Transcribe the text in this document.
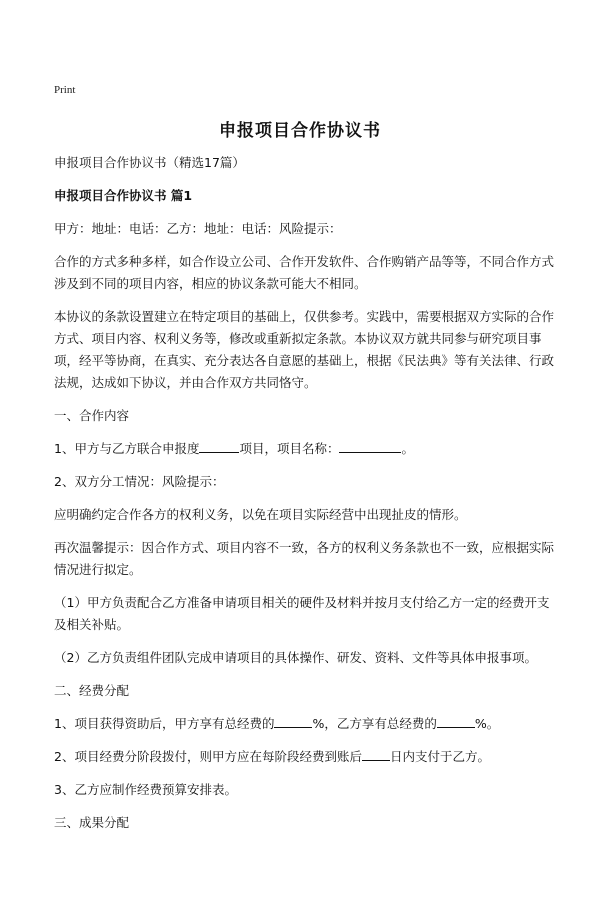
Print
申报项目合作协议书

申报项目合作协议书（精选17篇）

申报项目合作协议书 篇1

甲方：地址：电话：乙方：地址：电话：风险提示：

合作的方式多种多样，如合作设立公司、合作开发软件、合作购销产品等等，不同合作方式涉及到不同的项目内容，相应的协议条款可能大不相同。

本协议的条款设置建立在特定项目的基础上，仅供参考。实践中，需要根据双方实际的合作方式、项目内容、权利义务等，修改或重新拟定条款。本协议双方就共同参与研究项目事项，经平等协商，在真实、充分表达各自意愿的基础上，根据《民法典》等有关法律、行政法规，达成如下协议，并由合作双方共同恪守。

一、合作内容

1、甲方与乙方联合申报度	项目，项目名称：	。

2、双方分工情况：风险提示：

应明确约定合作各方的权利义务，以免在项目实际经营中出现扯皮的情形。

再次温馨提示：因合作方式、项目内容不一致，各方的权利义务条款也不一致，应根据实际情况进行拟定。

（1）甲方负责配合乙方准备申请项目相关的硬件及材料并按月支付给乙方一定的经费开支及相关补贴。

（2）乙方负责组件团队完成申请项目的具体操作、研发、资料、文件等具体申报事项。

二、经费分配

1、项目获得资助后，甲方享有总经费的	%，乙方享有总经费的	%。

2、项目经费分阶段拨付，则甲方应在每阶段经费到账后 日内支付于乙方。

3、乙方应制作经费预算安排表。

三、成果分配
